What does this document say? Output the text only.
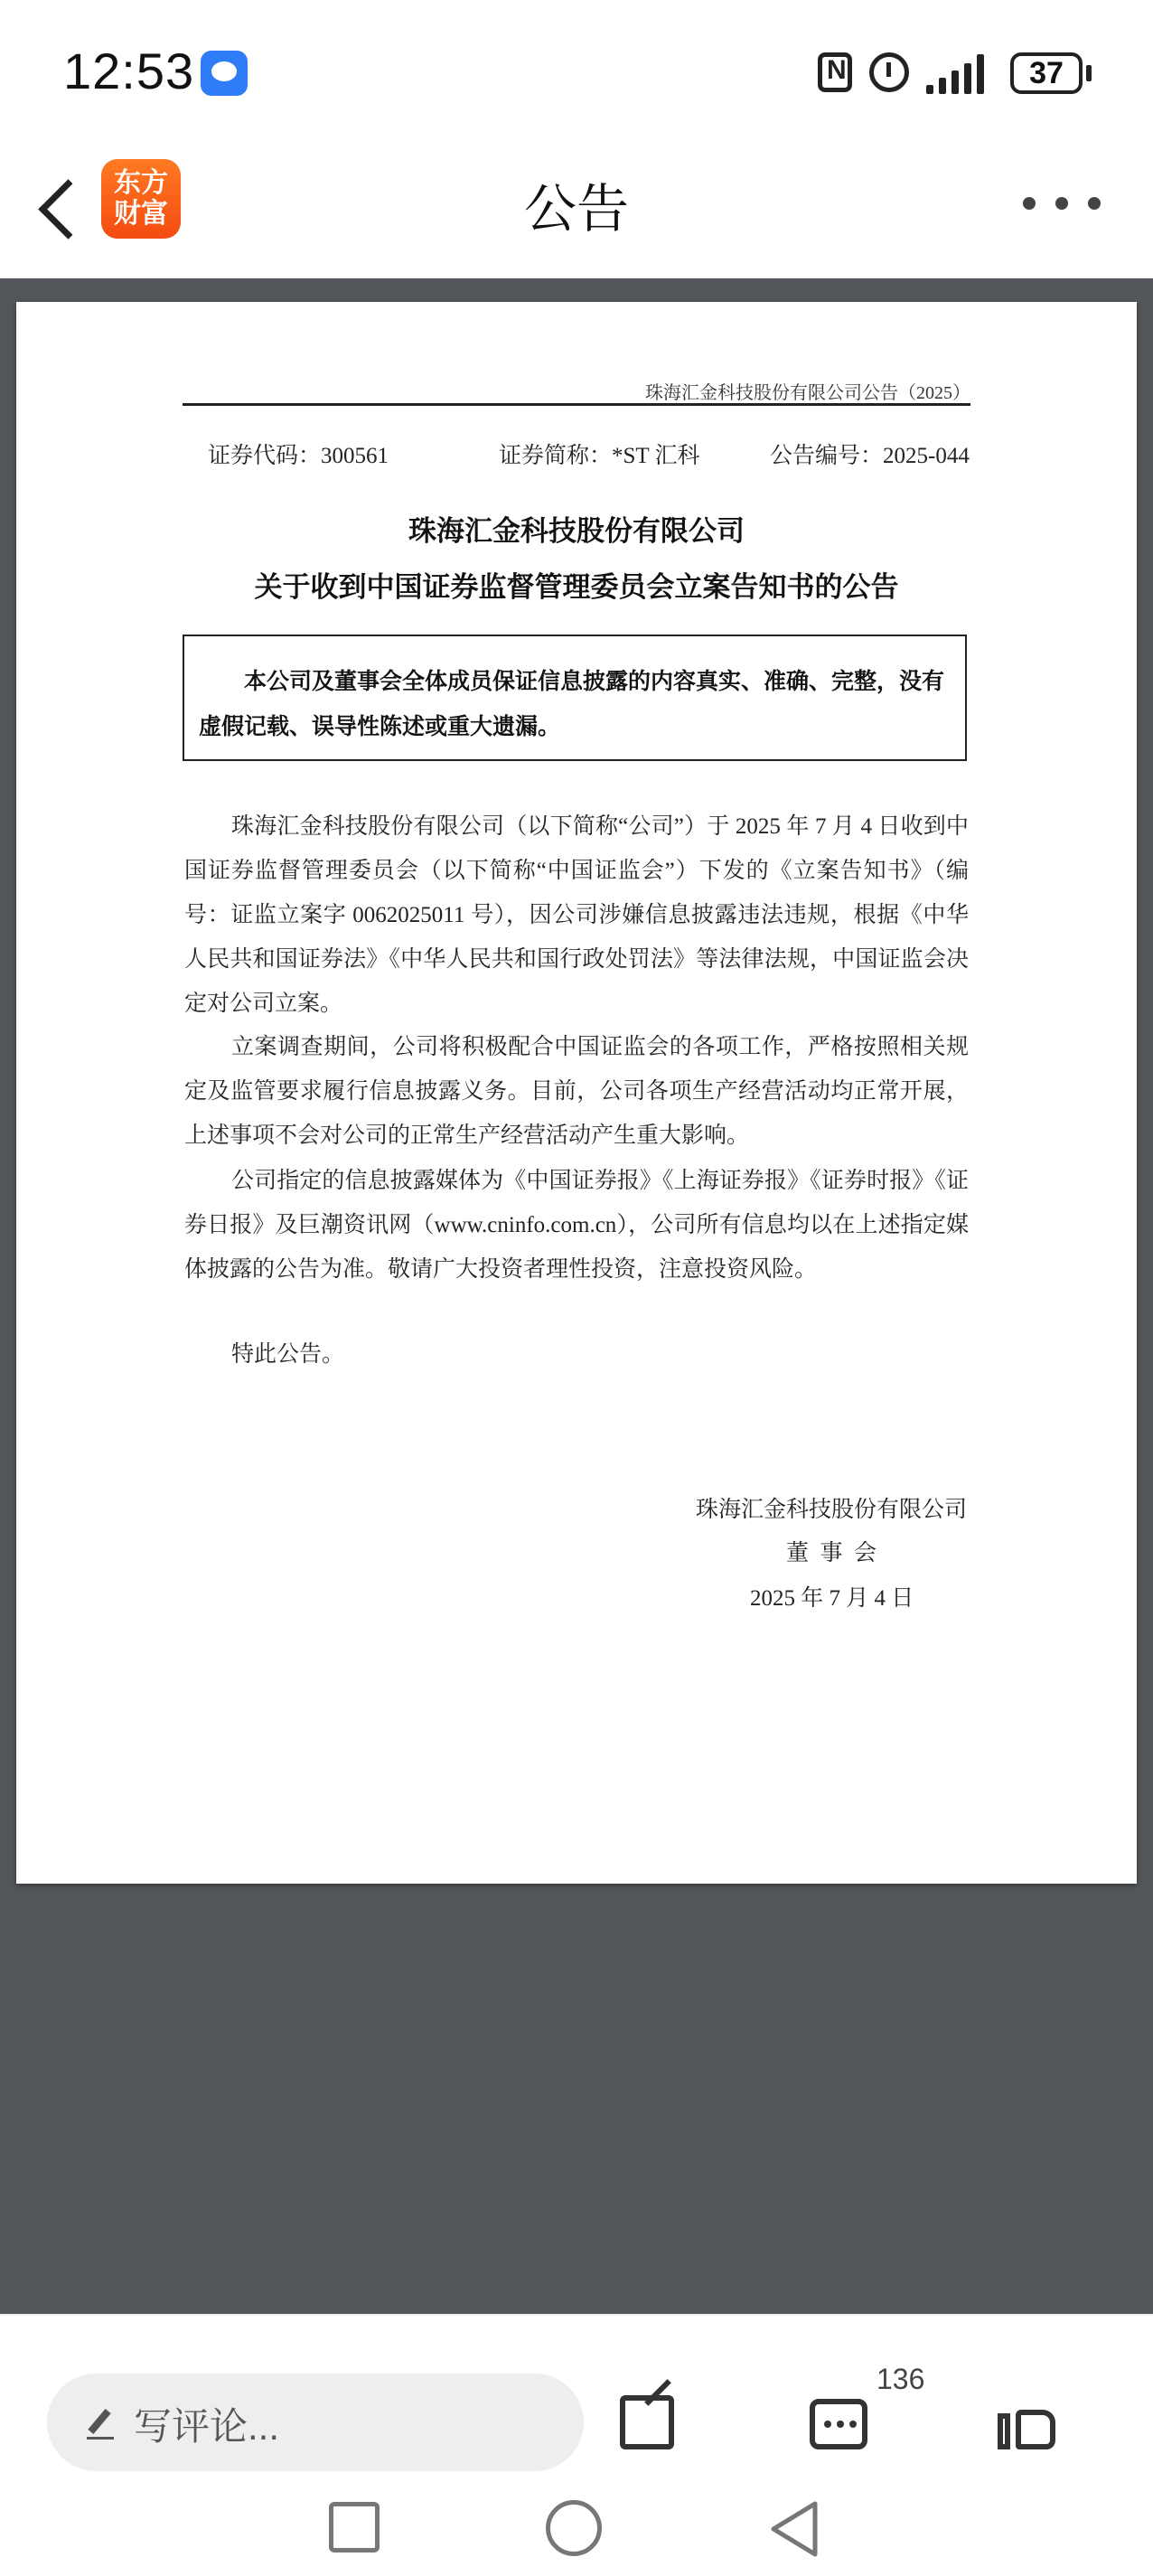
12:53
N	37
东方
财富	公告
珠海汇金科技股份有限公司公告（2025）
证券代码：300561	证券简称：*ST 汇科	公告编号：2025-044
珠海汇金科技股份有限公司
关于收到中国证券监督管理委员会立案告知书的公告
本公司及董事会全体成员保证信息披露的内容真实、准确、完整，没有虚假记载、误导性陈述或重大遗漏。
珠海汇金科技股份有限公司（以下简称“公司”）于 2025 年 7 月 4 日收到中国证券监督管理委员会（以下简称“中国证监会”）下发的《立案告知书》（编号：证监立案字 0062025011 号），因公司涉嫌信息披露违法违规，根据《中华人民共和国证券法》《中华人民共和国行政处罚法》等法律法规，中国证监会决定对公司立案。
立案调查期间，公司将积极配合中国证监会的各项工作，严格按照相关规定及监管要求履行信息披露义务。目前，公司各项生产经营活动均正常开展，上述事项不会对公司的正常生产经营活动产生重大影响。
公司指定的信息披露媒体为《中国证券报》《上海证券报》《证券时报》《证券日报》及巨潮资讯网（www.cninfo.com.cn），公司所有信息均以在上述指定媒体披露的公告为准。敬请广大投资者理性投资，注意投资风险。
特此公告。
珠海汇金科技股份有限公司
董  事  会
2025 年 7 月 4 日
写评论...
136
